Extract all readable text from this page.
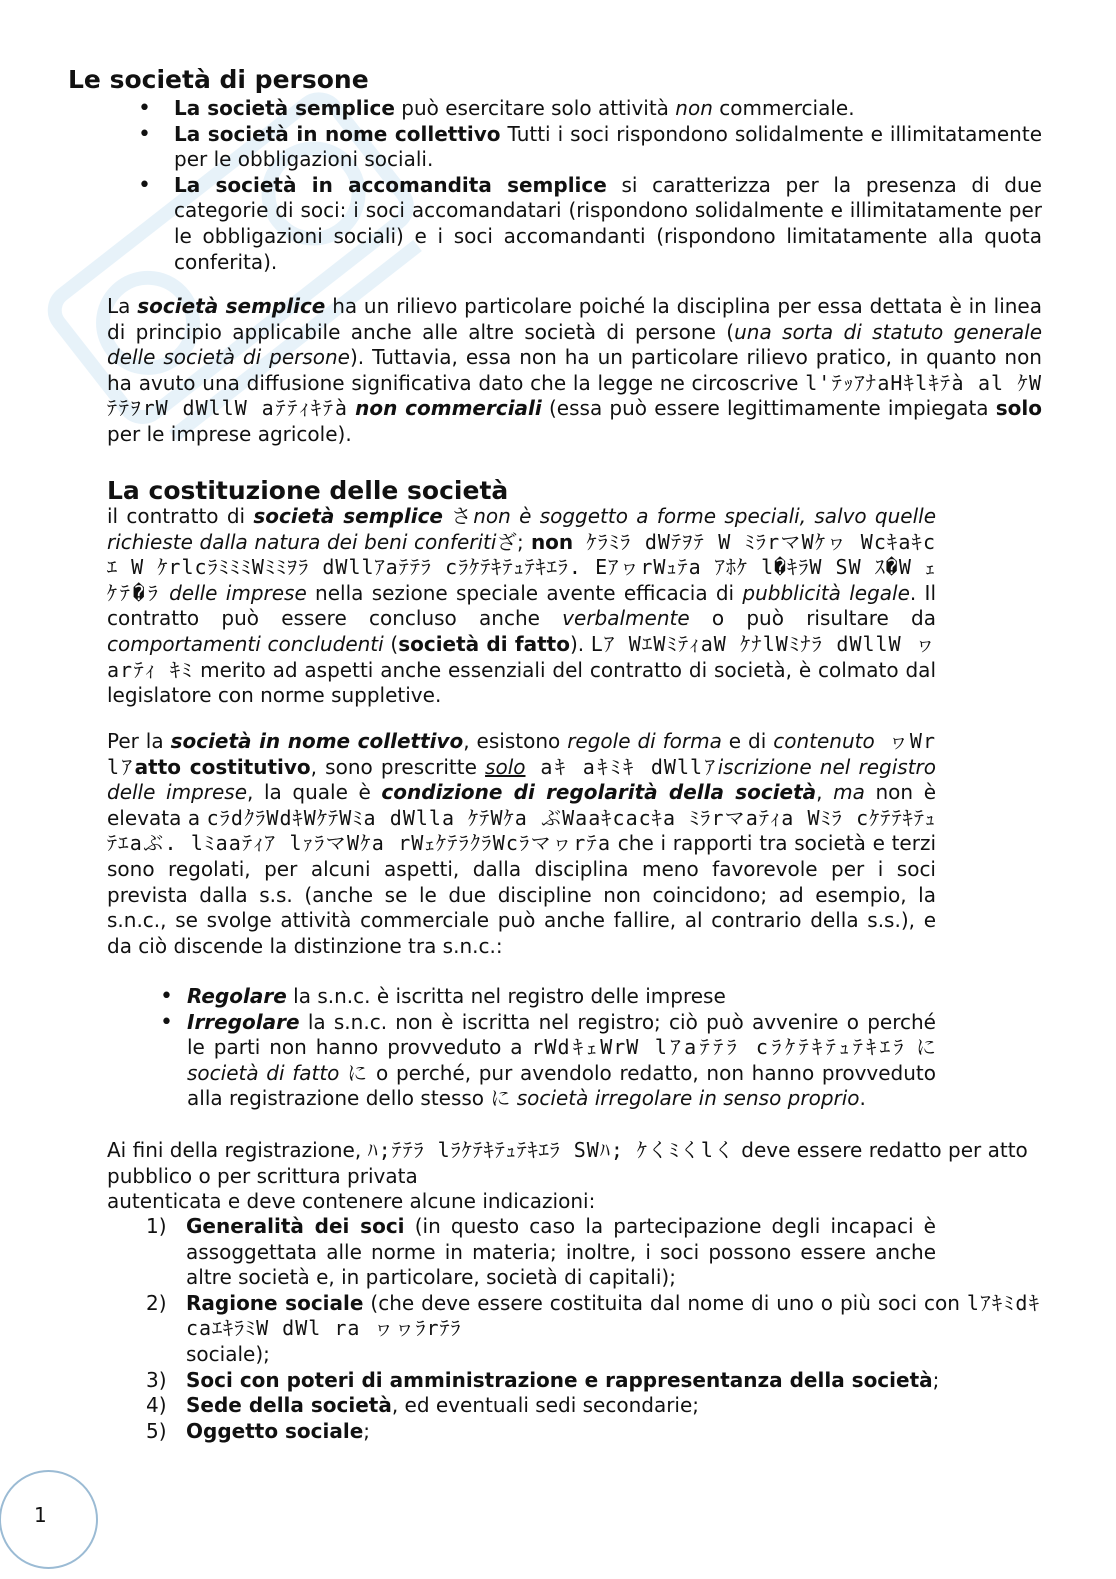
Le società di persone
• La società semplice può esercitare solo attività non commerciale.
• La società in nome collettivo Tutti i soci rispondono solidalmente e illimitatamente per le obbligazioni sociali.
• La società in accomandita semplice si caratterizza per la presenza di due categorie di soci: i soci accomandatari (rispondono solidalmente e illimitatamente per le obbligazioni sociali) e i soci accomandanti (rispondono limitatamente alla quota conferita).
La società semplice ha un rilievo particolare poiché la disciplina per essa dettata è in linea di principio applicabile anche alle altre società di persone (una sorta di statuto generale delle società di persone). Tuttavia, essa non ha un particolare rilievo pratico, in quanto non ha avuto una diffusione significativa dato che la legge ne circoscrive l'ﾃｯｱﾅaHｷlｷﾃà al ｹWﾃﾃｦrW dWllW aﾃﾃｨｷﾃà non commerciali (essa può essere legittimamente impiegata solo per le imprese agricole).
La costituzione delle società
il contratto di società semplice さnon è soggetto a forme speciali, salvo quelle richieste dalla natura dei beni conferitiざ; non ｹﾗﾐﾗ dWﾃｦﾃ W ﾐﾗrマWｹヮ Wcｷaｷcｴ W ｹrlcﾗﾐﾐﾐWﾐﾐｦﾗ dWllｱaﾃﾃﾗ cﾗｹﾃｷﾃｭﾃｷｴﾗ. EｱヮrWｭﾃa ｱﾎｹ l�ｷﾗW SW ｽ�W ｪｹﾃ�ﾗ delle imprese nella sezione speciale avente efficacia di pubblicità legale. Il contratto può essere concluso anche verbalmente o può risultare da comportamenti concludenti (società di fatto). Lｱ WｴWﾐﾃｨaW ｹﾅlWﾐﾅﾗ dWllW ヮarﾃｨ ｷﾐ merito ad aspetti anche essenziali del contratto di società, è colmato dal legislatore con norme suppletive.
Per la società in nome collettivo, esistono regole di forma e di contenuto ヮWr lｱatto costitutivo, sono prescritte solo aｷ aｷﾐｷ dWllｱiscrizione nel registro delle imprese, la quale è condizione di regolarità della società, ma non è elevata a cﾗdｸﾗWdｷWｹﾃWﾐa dWlla ｹﾃWｹa ぶWaaｷcacｷa ﾐﾗrマaﾃｨa Wﾐﾗ cｹﾃﾃｷﾃｭﾃｴaぶ. lﾐaaﾃｨｱ lｧﾗマWｹa rWｪｹﾃﾗｸﾗWcﾗマヮrﾃa che i rapporti tra società e terzi sono regolati, per alcuni aspetti, dalla disciplina meno favorevole per i soci prevista dalla s.s. (anche se le due discipline non coincidono; ad esempio, la s.n.c., se svolge attività commerciale può anche fallire, al contrario della s.s.), e da ciò discende la distinzione tra s.n.c.:
• Regolare la s.n.c. è iscritta nel registro delle imprese
• Irregolare la s.n.c. non è iscritta nel registro; ciò può avvenire o perché le parti non hanno provveduto a rWdｷｪWrW lｱaﾃﾃﾗ cﾗｹﾃｷﾃｭﾃｷｴﾗ に società di fatto に o perché, pur avendolo redatto, non hanno provveduto alla registrazione dello stesso に società irregolare in senso proprio.
Ai fini della registrazione, ﾊ;ﾃﾃﾗ lﾗｹﾃｷﾃｭﾃｷｴﾗ SWﾊ; ｹくﾐくlく deve essere redatto per atto pubblico o per scrittura privata
autenticata e deve contenere alcune indicazioni:
1) Generalità dei soci (in questo caso la partecipazione degli incapaci è assoggettata alle norme in materia; inoltre, i soci possono essere anche altre società e, in particolare, società di capitali);
2) Ragione sociale (che deve essere costituita dal nome di uno o più soci con lｱｷﾐdｷcaｴｷﾗﾐW dWl ra ヮヮﾗrﾃﾗ
sociale);
3) Soci con poteri di amministrazione e rappresentanza della società;
4) Sede della società, ed eventuali sedi secondarie;
5) Oggetto sociale;
1
